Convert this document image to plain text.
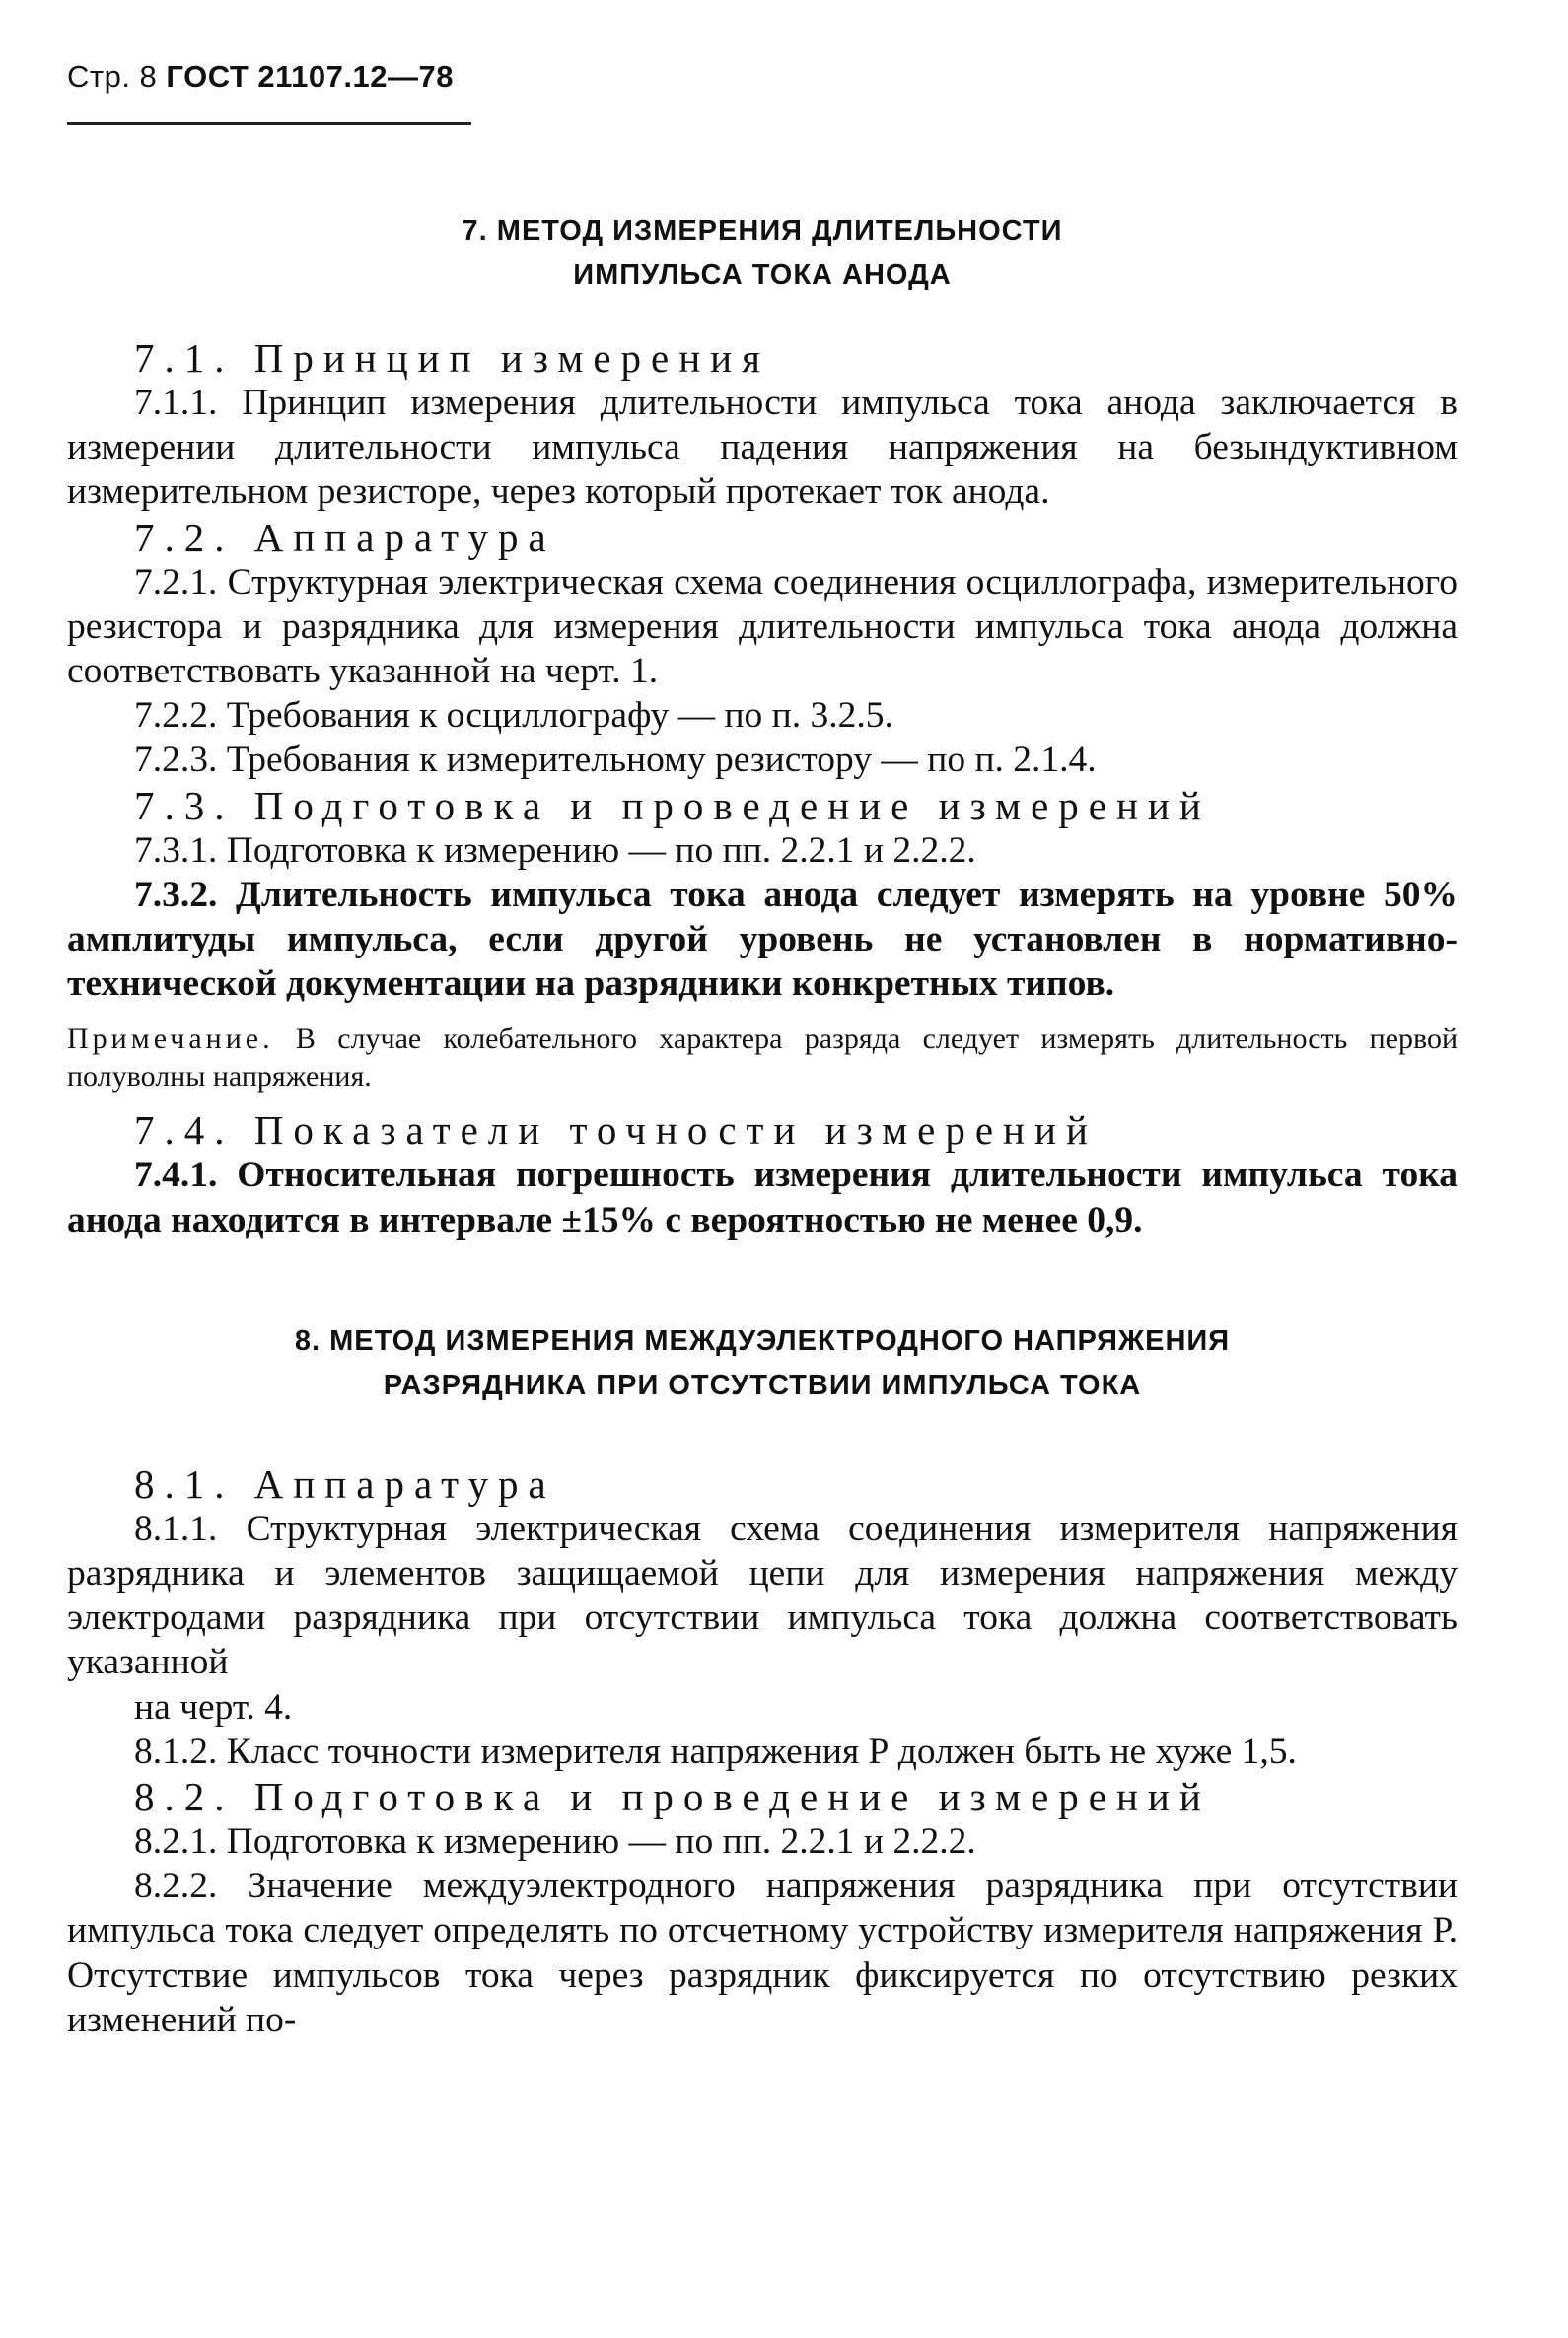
Стр. 8 ГОСТ 21107.12—78
7. МЕТОД ИЗМЕРЕНИЯ ДЛИТЕЛЬНОСТИ
ИМПУЛЬСА ТОКА АНОДА

7.1. Принцип измерения

7.1.1. Принцип измерения длительности импульса тока анода заключается в измерении длительности импульса падения напряжения на безындуктивном измерительном резисторе, через который протекает ток анода.

7.2. Аппаратура

7.2.1. Структурная электрическая схема соединения осциллографа, измерительного резистора и разрядника для измерения длительности импульса тока анода должна соответствовать указанной на черт. 1.

7.2.2. Требования к осциллографу — по п. 3.2.5.

7.2.3. Требования к измерительному резистору — по п. 2.1.4.

7.3. Подготовка и проведение измерений

7.3.1. Подготовка к измерению — по пп. 2.2.1 и 2.2.2.

7.3.2. Длительность импульса тока анода следует измерять на уровне 50% амплитуды импульса, если другой уровень не установлен в нормативно-технической документации на разрядники конкретных типов.

Примечание. В случае колебательного характера разряда следует измерять длительность первой полуволны напряжения.

7.4. Показатели точности измерений

7.4.1. Относительная погрешность измерения длительности импульса тока анода находится в интервале ±15% с вероятностью не менее 0,9.

8. МЕТОД ИЗМЕРЕНИЯ МЕЖДУЭЛЕКТРОДНОГО НАПРЯЖЕНИЯ
РАЗРЯДНИКА ПРИ ОТСУТСТВИИ ИМПУЛЬСА ТОКА

8.1. Аппаратура

8.1.1. Структурная электрическая схема соединения измерителя напряжения разрядника и элементов защищаемой цепи для измерения напряжения между электродами разрядника при отсутствии импульса тока должна соответствовать указанной

на черт. 4.

8.1.2. Класс точности измерителя напряжения Р должен быть не хуже 1,5.

8.2. Подготовка и проведение измерений

8.2.1. Подготовка к измерению — по пп. 2.2.1 и 2.2.2.

8.2.2. Значение междуэлектродного напряжения разрядника при отсутствии импульса тока следует определять по отсчетному устройству измерителя напряжения Р. Отсутствие импульсов тока через разрядник фиксируется по отсутствию резких изменений по-
